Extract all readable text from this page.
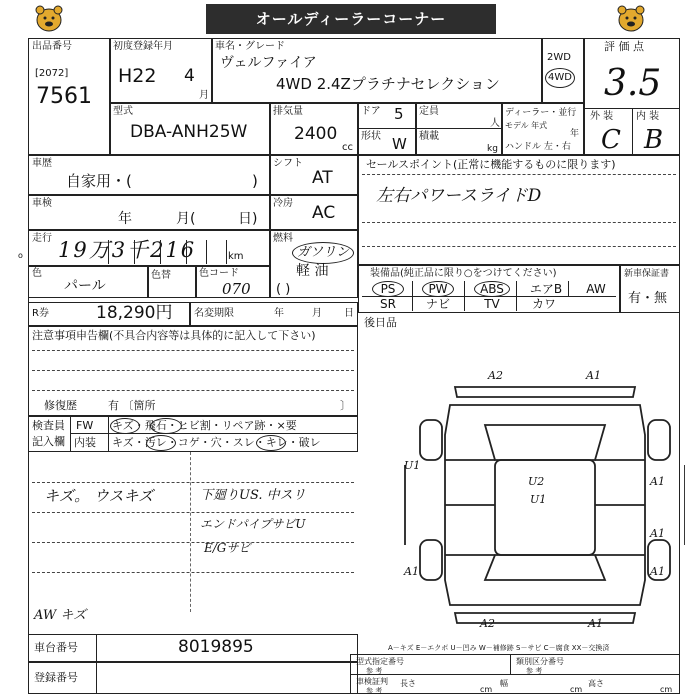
オールディーラーコーナー
出品番号
[2072]
7561
初度登録年月
H22 4
月
車名・グレード
ヴェルファイア
4WD 2.4Zプラチナセレクション
2WD
4WD
評 価 点
3.5
外 装 内 装
C B
型式
DBA-ANH25W
排気量
2400
cc
ドア 5
形状 W
定員
人
積載
kg
ディーラー・並行
モデル 年式
年
ハンドル 左・右
車歴
自家用・(	)
シフト
AT
車検
年	月(	日)
冷房 AC
走行 19万3千216	km
o
燃料
ガソリン
軽 油
( )
色
パール
色替	色コード
070
セールスポイント(正常に機能するものに限ります)
左右パワースライドD
装備品(純正品に限り○をつけてください)
PS	PW	ABS	エアB	AW
SR	ナビ	TV	カワ
新車保証書
有・無
R券	18,290円 名変期限	年	月 日
後日品
注意事項申告欄(不具合内容等は具体的に記入して下さい)
修復歴	有 〔箇所	〕
検査員
記入欄
FW キズ・飛石・ヒビ割・リペア跡・×要
内装 キズ・汚レ・コゲ・穴・スレ・キレ・破レ
キズ。 ウスキズ	下廻りUS. 中スリ
エンドパイプサビU
E/Gサビ
AW キズ
A2	A1
U1
U2
U1
A1
A1
A1	A1
A2	A1
車台番号	8019895
登録番号
A－キズ E－エクボ U－凹み W－補修跡 S－サビ C－腐食 XX－交換済
型式指定番号
参 考
類別区分番号
参 考
車検証判
参 考
長さ
cm
幅
cm
高さ
cm
